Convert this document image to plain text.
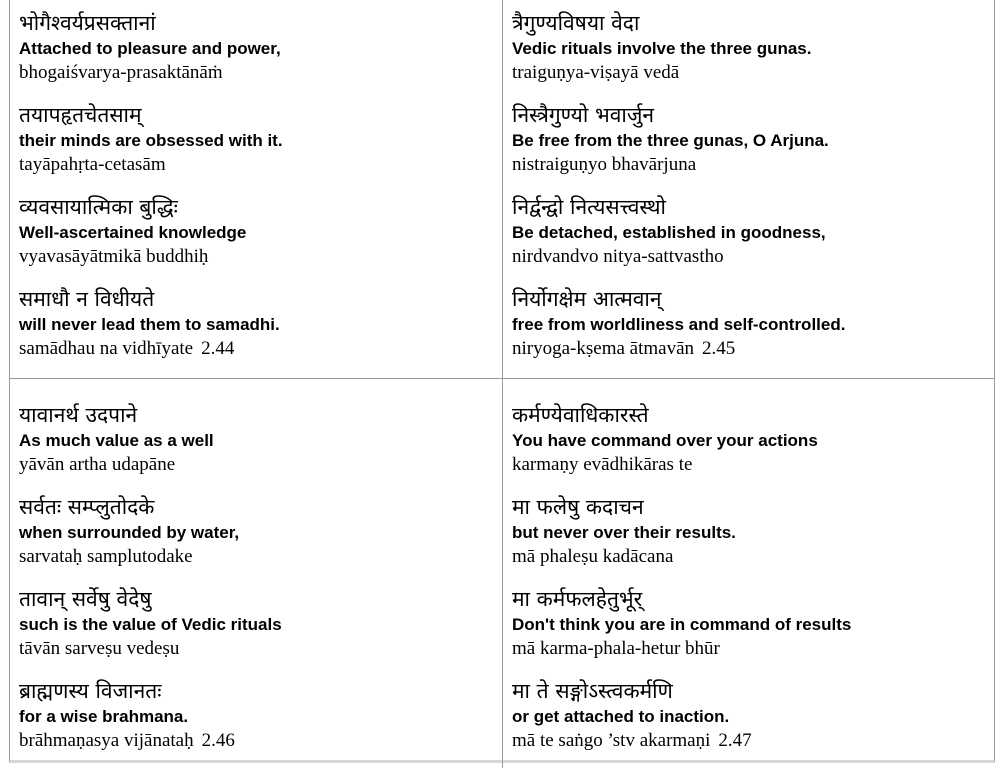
भोगैश्वर्यप्रसक्तानां
Attached to pleasure and power,
bhogaiśvarya-prasaktānāṁ
तयापहृतचेतसाम्
their minds are obsessed with it.
tayāpahṛta-cetasām
व्यवसायात्मिका बुद्धिः
Well-ascertained knowledge
vyavasāyātmikā buddhiḥ
समाधौ न विधीयते
will never lead them to samadhi.
samādhau na vidhīyate 2.44
त्रैगुण्यविषया वेदा
Vedic rituals involve the three gunas.
traiguṇya-viṣayā vedā
निस्त्रैगुण्यो भवार्जुन
Be free from the three gunas, O Arjuna.
nistraiguṇyo bhavārjuna
निर्द्वन्द्वो नित्यसत्त्वस्थो
Be detached, established in goodness,
nirdvandvo nitya-sattvastho
निर्योगक्षेम आत्मवान्
free from worldliness and self-controlled.
niryoga-kṣema ātmavān 2.45
यावानर्थ उदपाने
As much value as a well
yāvān artha udapāne
सर्वतः सम्प्लुतोदके
when surrounded by water,
sarvataḥ samplutodake
तावान् सर्वेषु वेदेषु
such is the value of Vedic rituals
tāvān sarveṣu vedeṣu
ब्राह्मणस्य विजानतः
for a wise brahmana.
brāhmaṇasya vijānataḥ 2.46
कर्मण्येवाधिकारस्ते
You have command over your actions
karmaṇy evādhikāras te
मा फलेषु कदाचन
but never over their results.
mā phaleṣu kadācana
मा कर्मफलहेतुर्भूर्
Don't think you are in command of results
mā karma-phala-hetur bhūr
मा ते सङ्गोऽस्त्वकर्मणि
or get attached to inaction.
mā te saṅgo ’stv akarmaṇi 2.47
